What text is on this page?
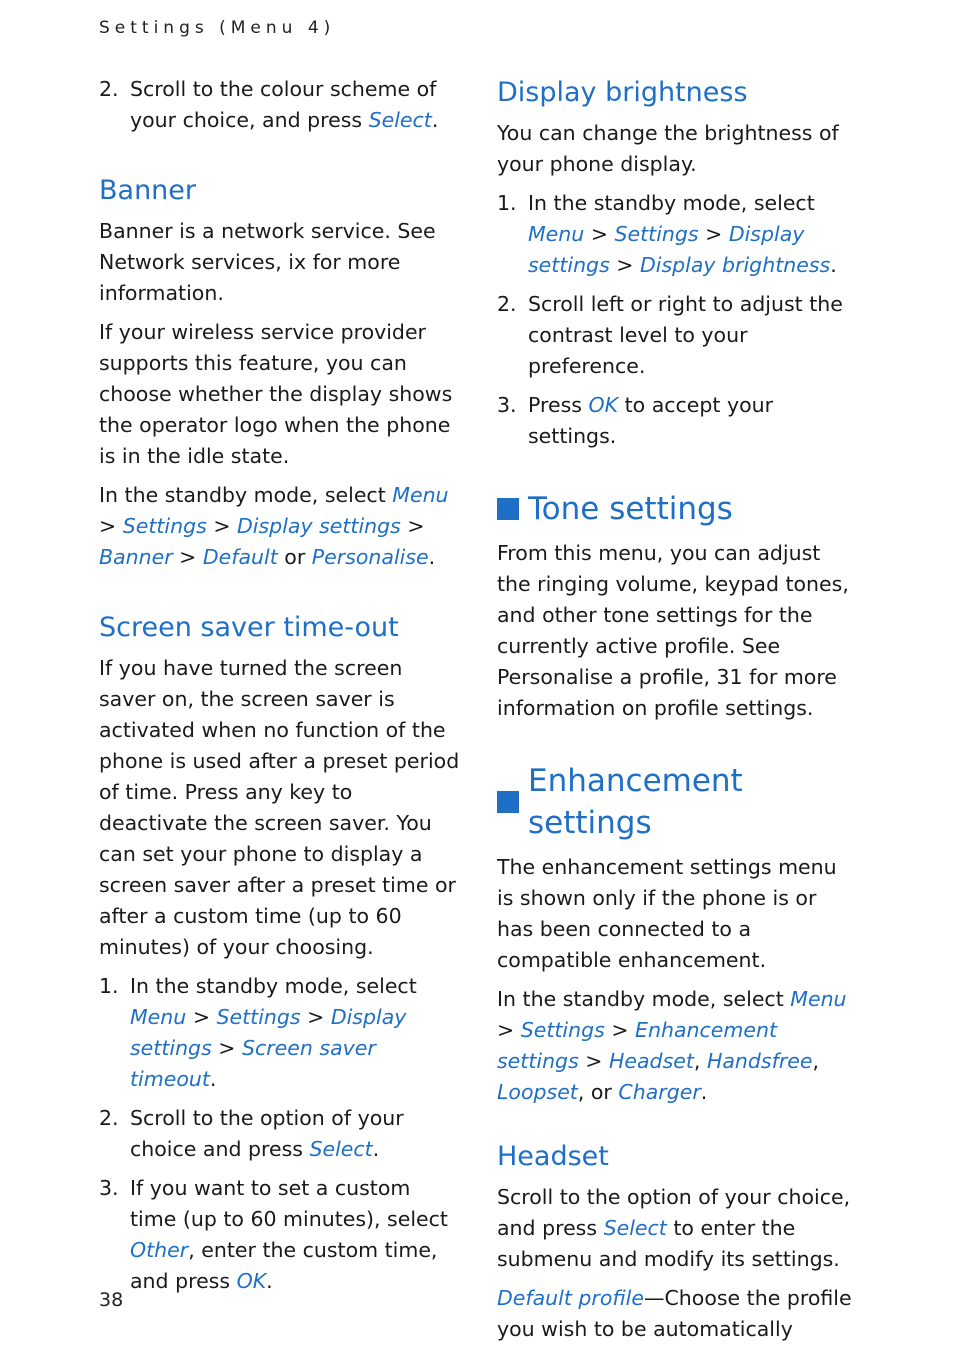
Settings (Menu 4)
2. Scroll to the colour scheme of your choice, and press Select.
Banner

Banner is a network service. See Network services, ix for more information.

If your wireless service provider supports this feature, you can choose whether the display shows the operator logo when the phone is in the idle state.

In the standby mode, select Menu > Settings > Display settings > Banner > Default or Personalise.

Screen saver time-out

If you have turned the screen saver on, the screen saver is activated when no function of the phone is used after a preset period of time. Press any key to deactivate the screen saver. You can set your phone to display a screen saver after a preset time or after a custom time (up to 60 minutes) of your choosing.

1. In the standby mode, select Menu > Settings > Display settings > Screen saver timeout.
2. Scroll to the option of your choice and press Select.
3. If you want to set a custom time (up to 60 minutes), select Other, enter the custom time, and press OK.
Display brightness

You can change the brightness of your phone display.

1. In the standby mode, select Menu > Settings > Display settings > Display brightness.
2. Scroll left or right to adjust the contrast level to your preference.
3. Press OK to accept your settings.
Tone settings

From this menu, you can adjust the ringing volume, keypad tones, and other tone settings for the currently active profile. See Personalise a profile, 31 for more information on profile settings.

Enhancement settings

The enhancement settings menu is shown only if the phone is or has been connected to a compatible enhancement.

In the standby mode, select Menu > Settings > Enhancement settings > Headset, Handsfree, Loopset, or Charger.

Headset

Scroll to the option of your choice, and press Select to enter the submenu and modify its settings.

Default profile—Choose the profile you wish to be automatically

38
